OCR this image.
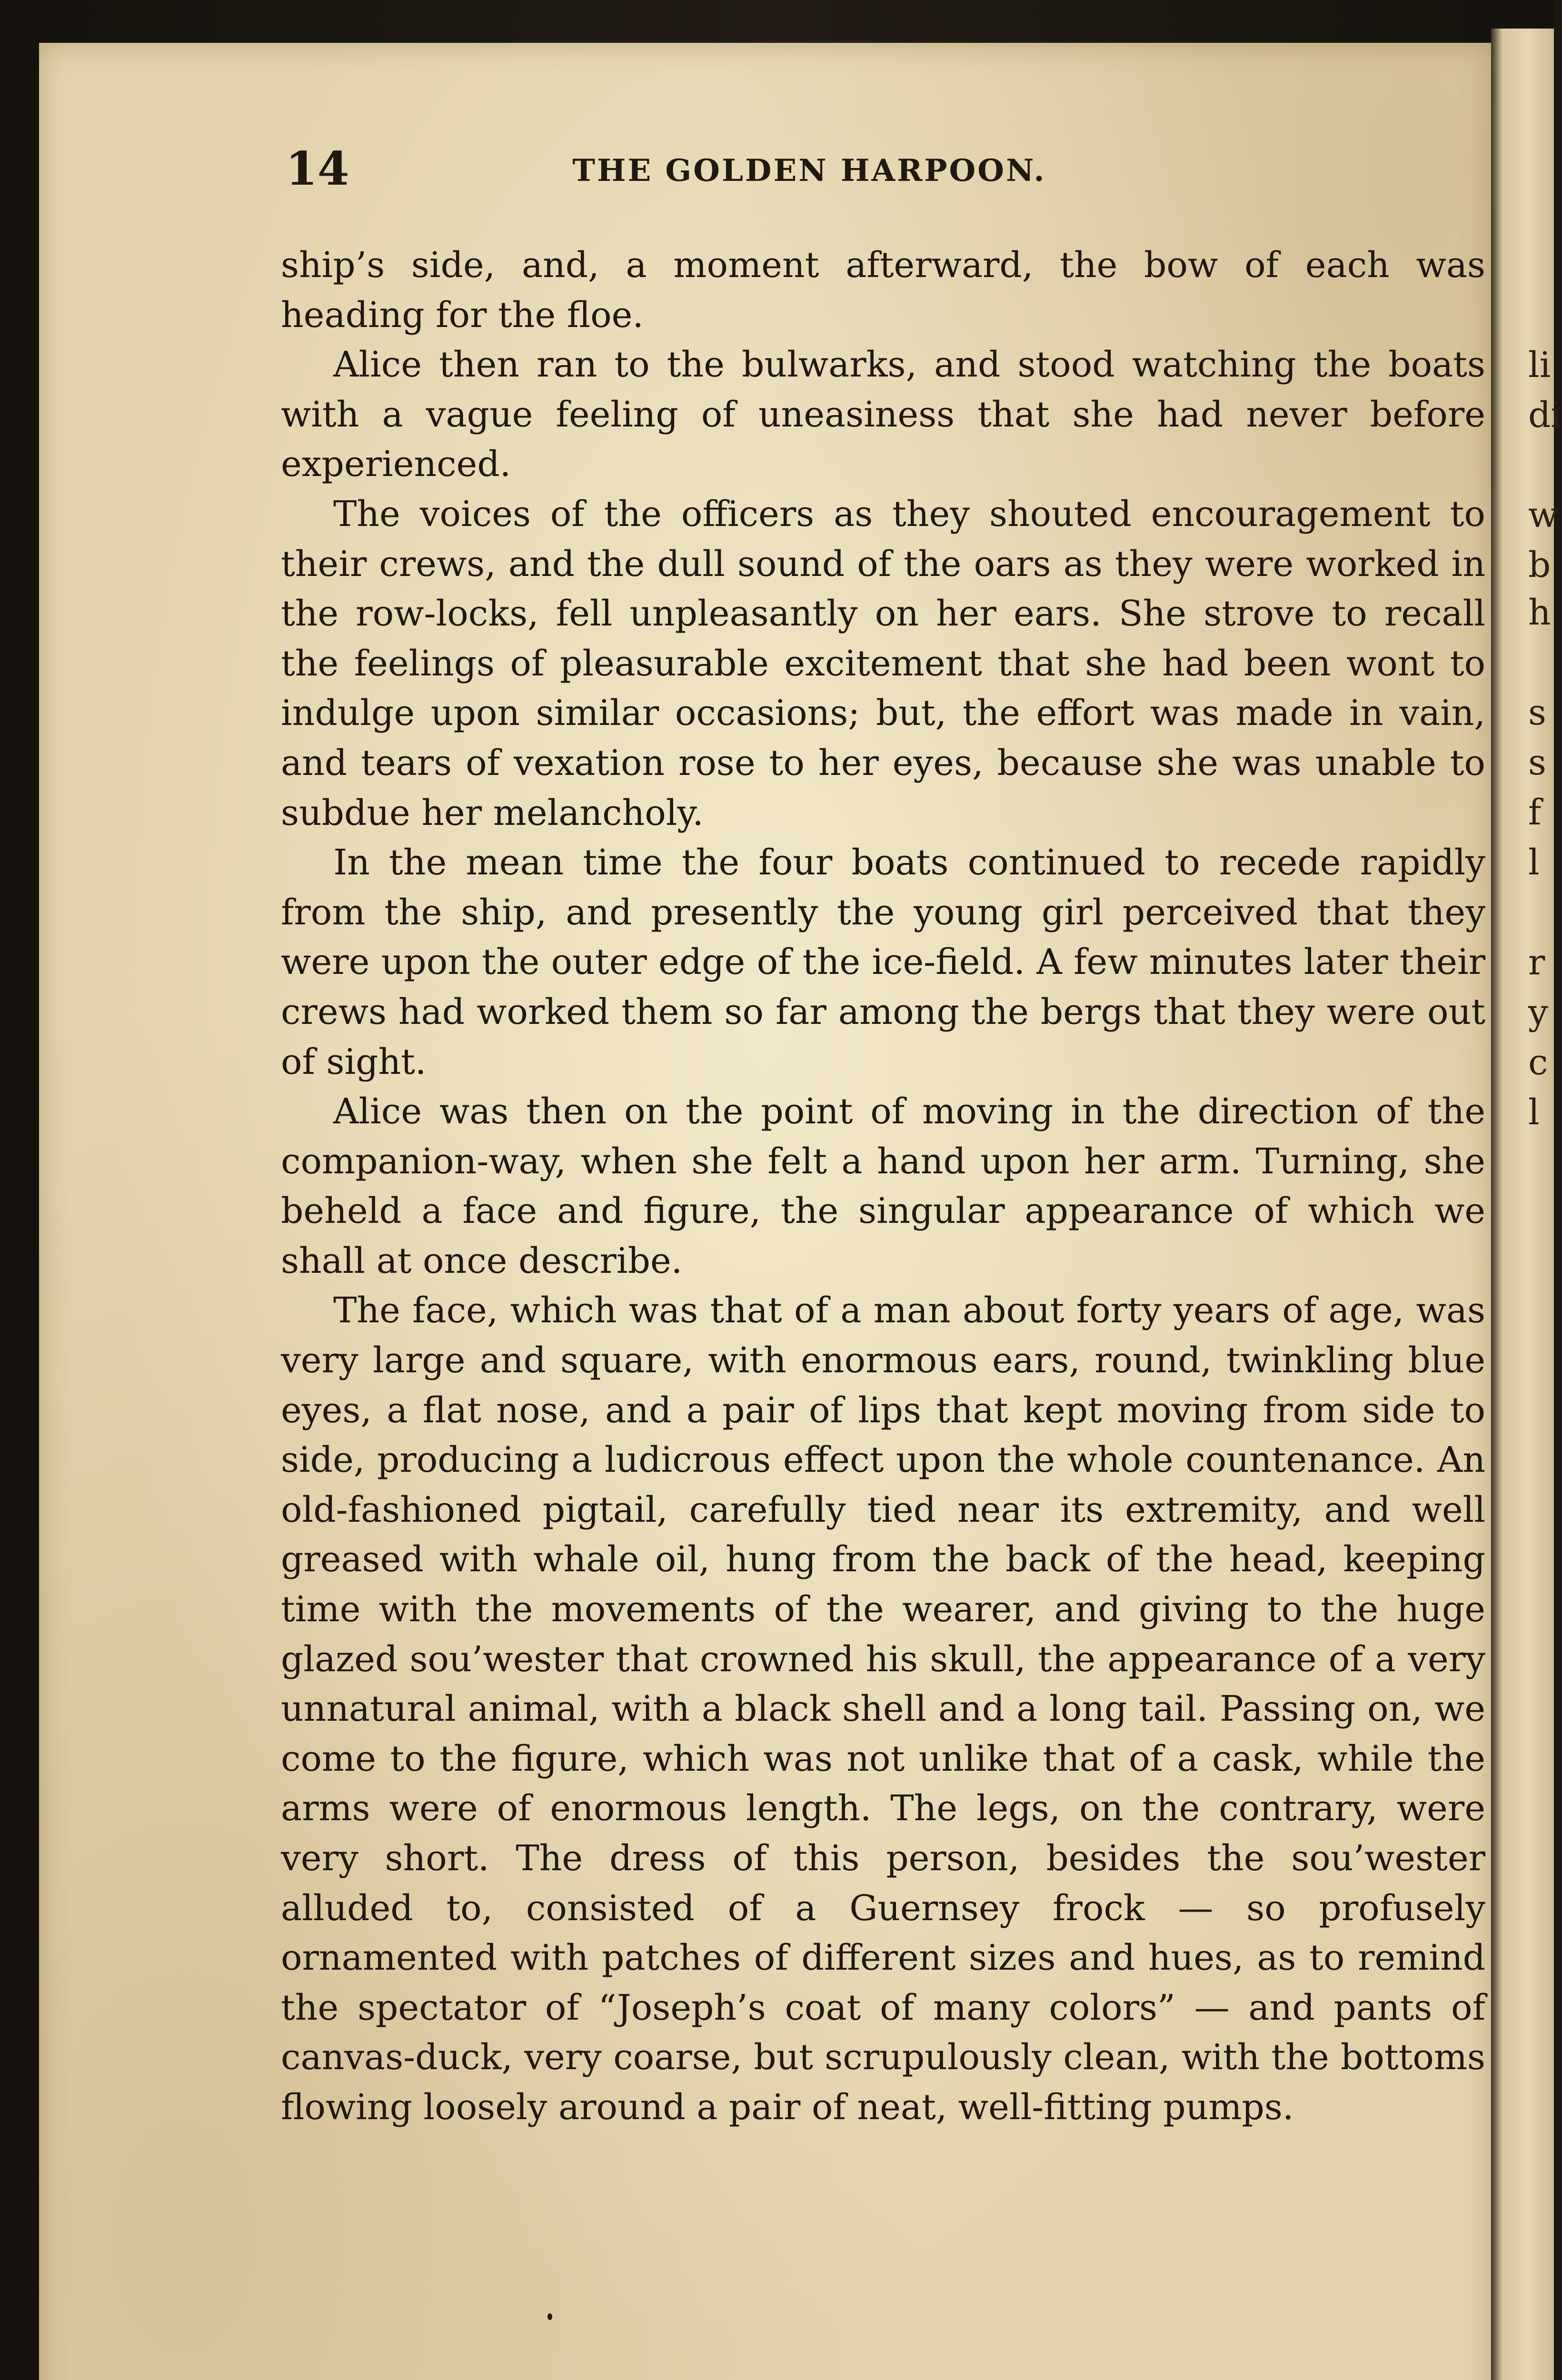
li
di
w
b
h
s
s
f
l
r
y
c
l
14	THE GOLDEN HARPOON.

ship’s side, and, a moment afterward, the bow of each was heading for the floe.

Alice then ran to the bulwarks, and stood watching the boats with a vague feeling of uneasiness that she had never before experienced.

The voices of the officers as they shouted encouragement to their crews, and the dull sound of the oars as they were worked in the row-locks, fell unpleasantly on her ears. She strove to recall the feelings of pleasurable excitement that she had been wont to indulge upon similar occasions; but, the effort was made in vain, and tears of vexation rose to her eyes, because she was unable to subdue her melancholy.

In the mean time the four boats continued to recede rapidly from the ship, and presently the young girl perceived that they were upon the outer edge of the ice-field. A few minutes later their crews had worked them so far among the bergs that they were out of sight.

Alice was then on the point of moving in the direction of the companion-way, when she felt a hand upon her arm. Turning, she beheld a face and figure, the singular appearance of which we shall at once describe.

The face, which was that of a man about forty years of age, was very large and square, with enormous ears, round, twinkling blue eyes, a flat nose, and a pair of lips that kept moving from side to side, producing a ludicrous effect upon the whole countenance. An old-fashioned pigtail, carefully tied near its extremity, and well greased with whale oil, hung from the back of the head, keeping time with the movements of the wearer, and giving to the huge glazed sou’wester that crowned his skull, the appearance of a very unnatural animal, with a black shell and a long tail. Passing on, we come to the figure, which was not unlike that of a cask, while the arms were of enormous length. The legs, on the contrary, were very short. The dress of this person, besides the sou’wester alluded to, consisted of a Guernsey frock — so profusely ornamented with patches of different sizes and hues, as to remind the spectator of “Joseph’s coat of many colors” — and pants of canvas-duck, very coarse, but scrupulously clean, with the bottoms flowing loosely around a pair of neat, well-fitting pumps.
